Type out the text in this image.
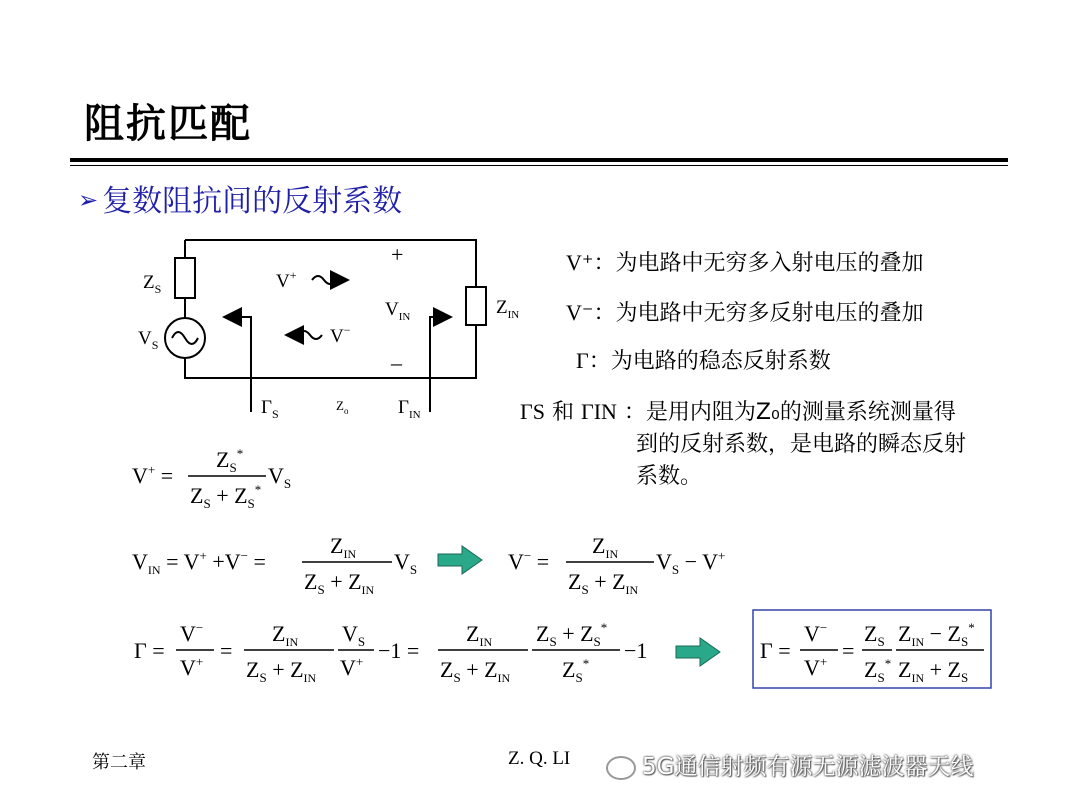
阻抗匹配
➢ 复数阻抗间的反射系数
$Z_S$
$V_S$
$Z_{IN}$
$V_{IN}$
+
–
V+
V−
$\Gamma_S$
$Z_o$	$\Gamma_{IN}$
V+ =
$Z_S^*$
$Z_S + Z_S^*$
$V_S$
$V_{IN} = V^+ +V^-$ =
$Z_{IN}$
$Z_S + Z_{IN}$
$V_S$	V− =
$Z_{IN}$
$Z_S + Z_{IN}$
$V_S - V^+$
Γ =
V−
V+ =
$Z_{IN}$
$Z_S + Z_{IN}$
$V_S$
V+ −1 =
$Z_{IN}$
$Z_S + Z_{IN}$
$Z_S + Z_S^*$
$Z_S^*$
−1	Γ =
V−
V+ =
$Z_S$
$Z_S^*$
$Z_{IN} - Z_S^*$
$Z_{IN} + Z_S$
V⁺：为电路中无穷多入射电压的叠加
V⁻：为电路中无穷多反射电压的叠加
Γ：为电路的稳态反射系数
ΓS 和 ΓIN ：是用内阻为Z₀的测量系统测量得
到的反射系数，是电路的瞬态反射
系数。
第二章	Z. Q. LI	5G通信射频有源无源滤波器天线
